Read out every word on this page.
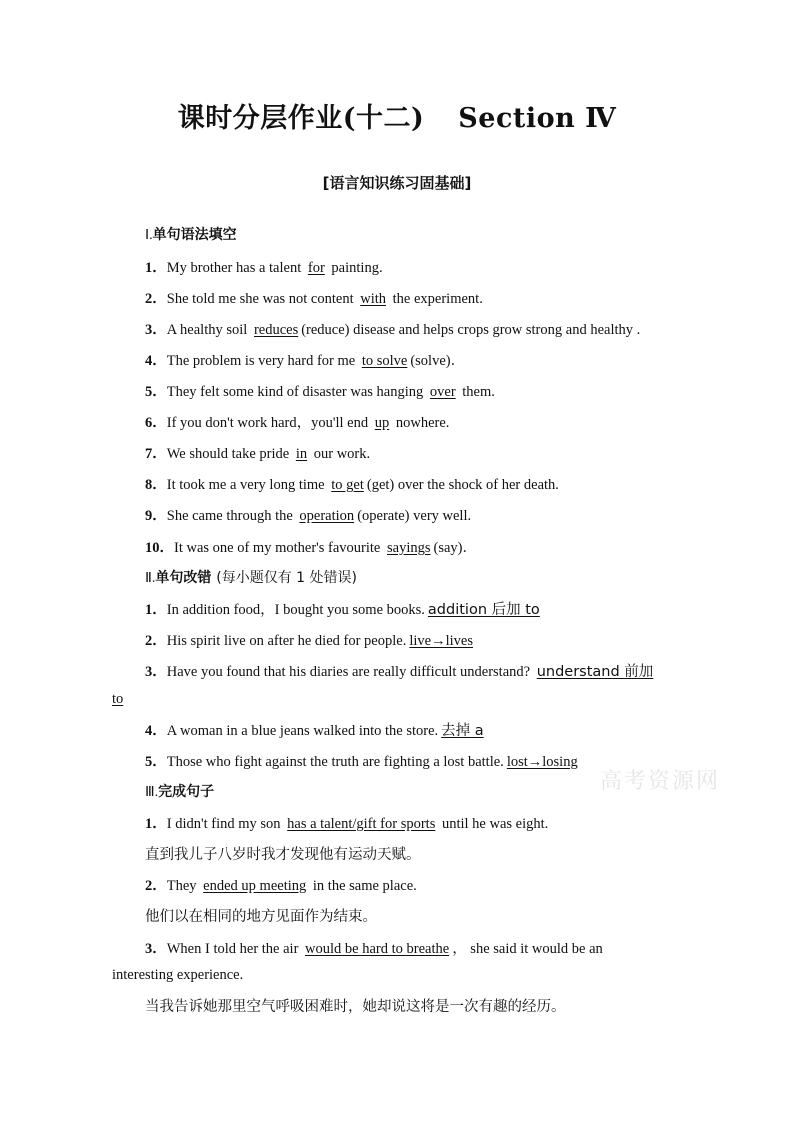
课时分层作业(十二) Section Ⅳ
[语言知识练习固基础]
Ⅰ.单句语法填空
1．My brother has a talent for painting.
2．She told me she was not content with the experiment.
3．A healthy soil reduces (reduce) disease and helps crops grow strong and healthy .
4．The problem is very hard for me to solve (solve)．
5．They felt some kind of disaster was hanging over them.
6．If you don't work hard，you'll end up nowhere.
7．We should take pride in our work.
8．It took me a very long time to get (get) over the shock of her death.
9．She came through the operation (operate) very well.
10．It was one of my mother's favourite sayings (say)．
Ⅱ.单句改错 (每小题仅有 1 处错误)
1．In addition food，I bought you some books. addition 后加 to
2．His spirit live on after he died for people. live→lives
3．Have you found that his diaries are really difficult understand? understand 前加
to
4．A woman in a blue jeans walked into the store. 去掉 a
5．Those who fight against the truth are fighting a lost battle. lost→losing
高考资源网
Ⅲ.完成句子
1．I didn't find my son has a talent/gift for sports until he was eight.
直到我儿子八岁时我才发现他有运动天赋。
2．They ended up meeting in the same place.
他们以在相同的地方见面作为结束。
3．When I told her the air would be hard to breathe ， she said it would be an
interesting experience.
当我告诉她那里空气呼吸困难时，她却说这将是一次有趣的经历。
